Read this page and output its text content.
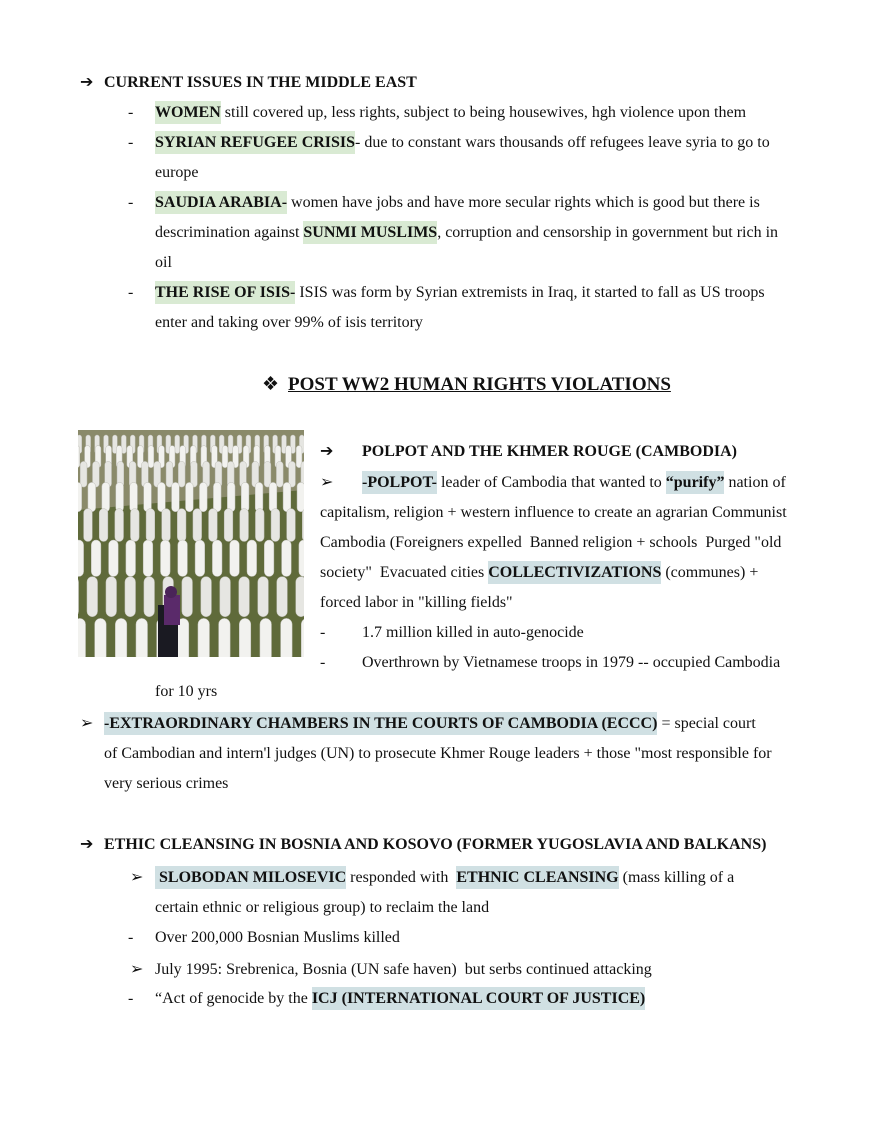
➔ CURRENT ISSUES IN THE MIDDLE EAST
- WOMEN still covered up, less rights, subject to being housewives, hgh violence upon them
- SYRIAN REFUGEE CRISIS- due to constant wars thousands off refugees leave syria to go to
europe
- SAUDIA ARABIA- women have jobs and have more secular rights which is good but there is
descrimination against SUNMI MUSLIMS, corruption and censorship in government but rich in
oil
- THE RISE OF ISIS- ISIS was form by Syrian extremists in Iraq, it started to fall as US troops
enter and taking over 99% of isis territory
❖ POST WW2 HUMAN RIGHTS VIOLATIONS
➔ POLPOT AND THE KHMER ROUGE (CAMBODIA)
➢ -POLPOT- leader of Cambodia that wanted to “purify” nation of
capitalism, religion + western influence to create an agrarian Communist
Cambodia (Foreigners expelled  Banned religion + schools  Purged "old
society"  Evacuated cities COLLECTIVIZATIONS (communes) +
forced labor in "killing fields"
- 1.7 million killed in auto-genocide
- Overthrown by Vietnamese troops in 1979 -- occupied Cambodia
for 10 yrs
➢ -EXTRAORDINARY CHAMBERS IN THE COURTS OF CAMBODIA (ECCC) = special court
of Cambodian and intern'l judges (UN) to prosecute Khmer Rouge leaders + those "most responsible for
very serious crimes
➔ ETHIC CLEANSING IN BOSNIA AND KOSOVO (FORMER YUGOSLAVIA AND BALKANS)
➢ SLOBODAN MILOSEVIC responded with  ETHNIC CLEANSING (mass killing of a
certain ethnic or religious group) to reclaim the land
- Over 200,000 Bosnian Muslims killed
➢ July 1995: Srebrenica, Bosnia (UN safe haven)  but serbs continued attacking
- “Act of genocide by the ICJ (INTERNATIONAL COURT OF JUSTICE)
